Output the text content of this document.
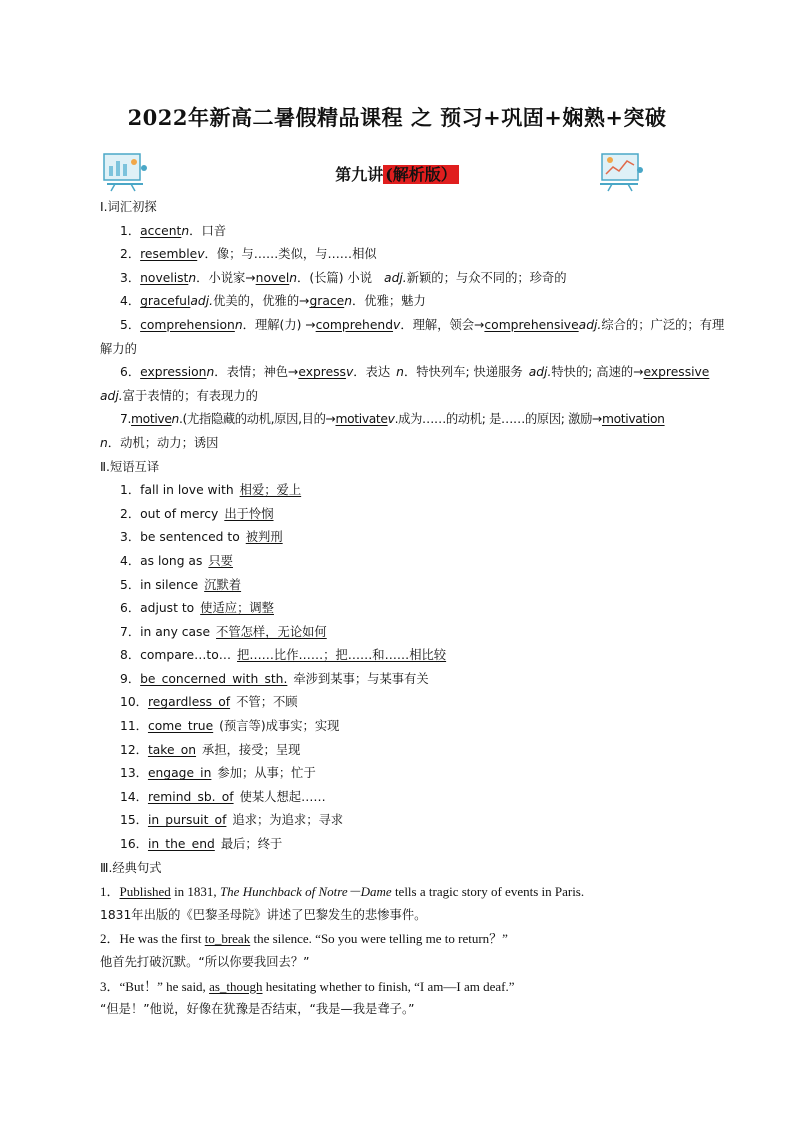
2022年新高二暑假精品课程 之 预习+巩固+娴熟+突破
第九讲 (解析版）
Ⅰ.词汇初探
1．accentn．口音
2．resemblev．像；与……类似，与……相似
3．novelistn．小说家→noveln．(长篇) 小说 adj.新颖的；与众不同的；珍奇的
4．gracefuladj.优美的，优雅的→gracen．优雅；魅力
5．comprehensionn．理解(力) →comprehendv．理解，领会→comprehensiveadj.综合的；广泛的；有理
解力的
6．expressionn．表情；神色→expressv．表达 n．特快列车; 快递服务 adj.特快的; 高速的→expressive
adj.富于表情的；有表现力的
7.motiven.(尤指隐藏的动机,原因,目的→motivatev.成为……的动机; 是……的原因; 激励→motivation
n．动机；动力；诱因
Ⅱ.短语互译
1．fall in love with 相爱；爱上
2．out of mercy 出于怜悯
3．be sentenced to 被判刑
4．as long as 只要
5．in silence 沉默着
6．adjust to 使适应；调整
7．in any case 不管怎样，无论如何
8．compare…to… 把……比作……；把……和……相比较
9．be_concerned_with_sth. 牵涉到某事；与某事有关
10．regardless_of 不管；不顾
11．come_true (预言等)成事实；实现
12．take_on 承担，接受；呈现
13．engage_in 参加；从事；忙于
14．remind_sb._of 使某人想起……
15．in_pursuit_of 追求；为追求；寻求
16．in_the_end 最后；终于
Ⅲ.经典句式
1．Published in 1831, The Hunchback of Notre－Dame tells a tragic story of events in Paris.
1831年出版的《巴黎圣母院》讲述了巴黎发生的悲惨事件。
2．He was the first to_break the silence. “So you were telling me to return？”
他首先打破沉默。“所以你要我回去？”
3．“But！” he said, as_though hesitating whether to finish, “I am—I am deaf.”
“但是！”他说，好像在犹豫是否结束，“我是—我是聋子。”
